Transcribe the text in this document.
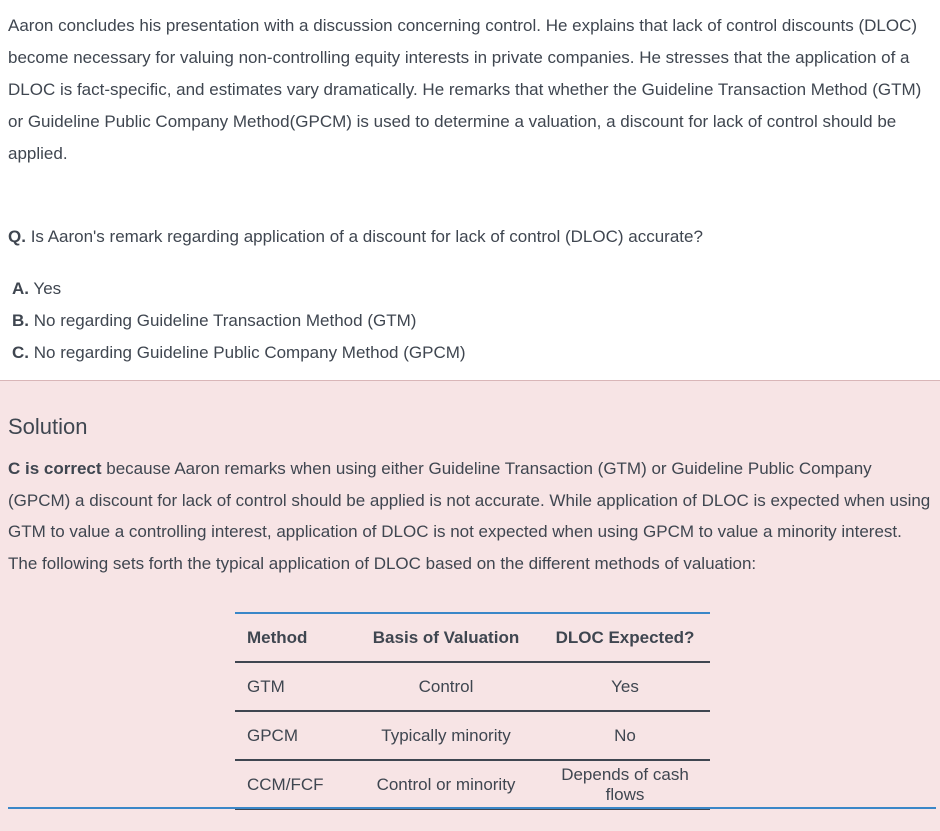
Aaron concludes his presentation with a discussion concerning control. He explains that lack of control discounts (DLOC) become necessary for valuing non-controlling equity interests in private companies. He stresses that the application of a DLOC is fact-specific, and estimates vary dramatically. He remarks that whether the Guideline Transaction Method (GTM) or Guideline Public Company Method(GPCM) is used to determine a valuation, a discount for lack of control should be applied.

Q. Is Aaron's remark regarding application of a discount for lack of control (DLOC) accurate?

A. Yes
B. No regarding Guideline Transaction Method (GTM)
C. No regarding Guideline Public Company Method (GPCM)
Solution

C is correct because Aaron remarks when using either Guideline Transaction (GTM) or Guideline Public Company (GPCM) a discount for lack of control should be applied is not accurate. While application of DLOC is expected when using GTM to value a controlling interest, application of DLOC is not expected when using GPCM to value a minority interest. The following sets forth the typical application of DLOC based on the different methods of valuation:

Method	Basis of Valuation	DLOC Expected?
GTM	Control	Yes
GPCM	Typically minority	No
CCM/FCF	Control or minority	Depends of cash flows
